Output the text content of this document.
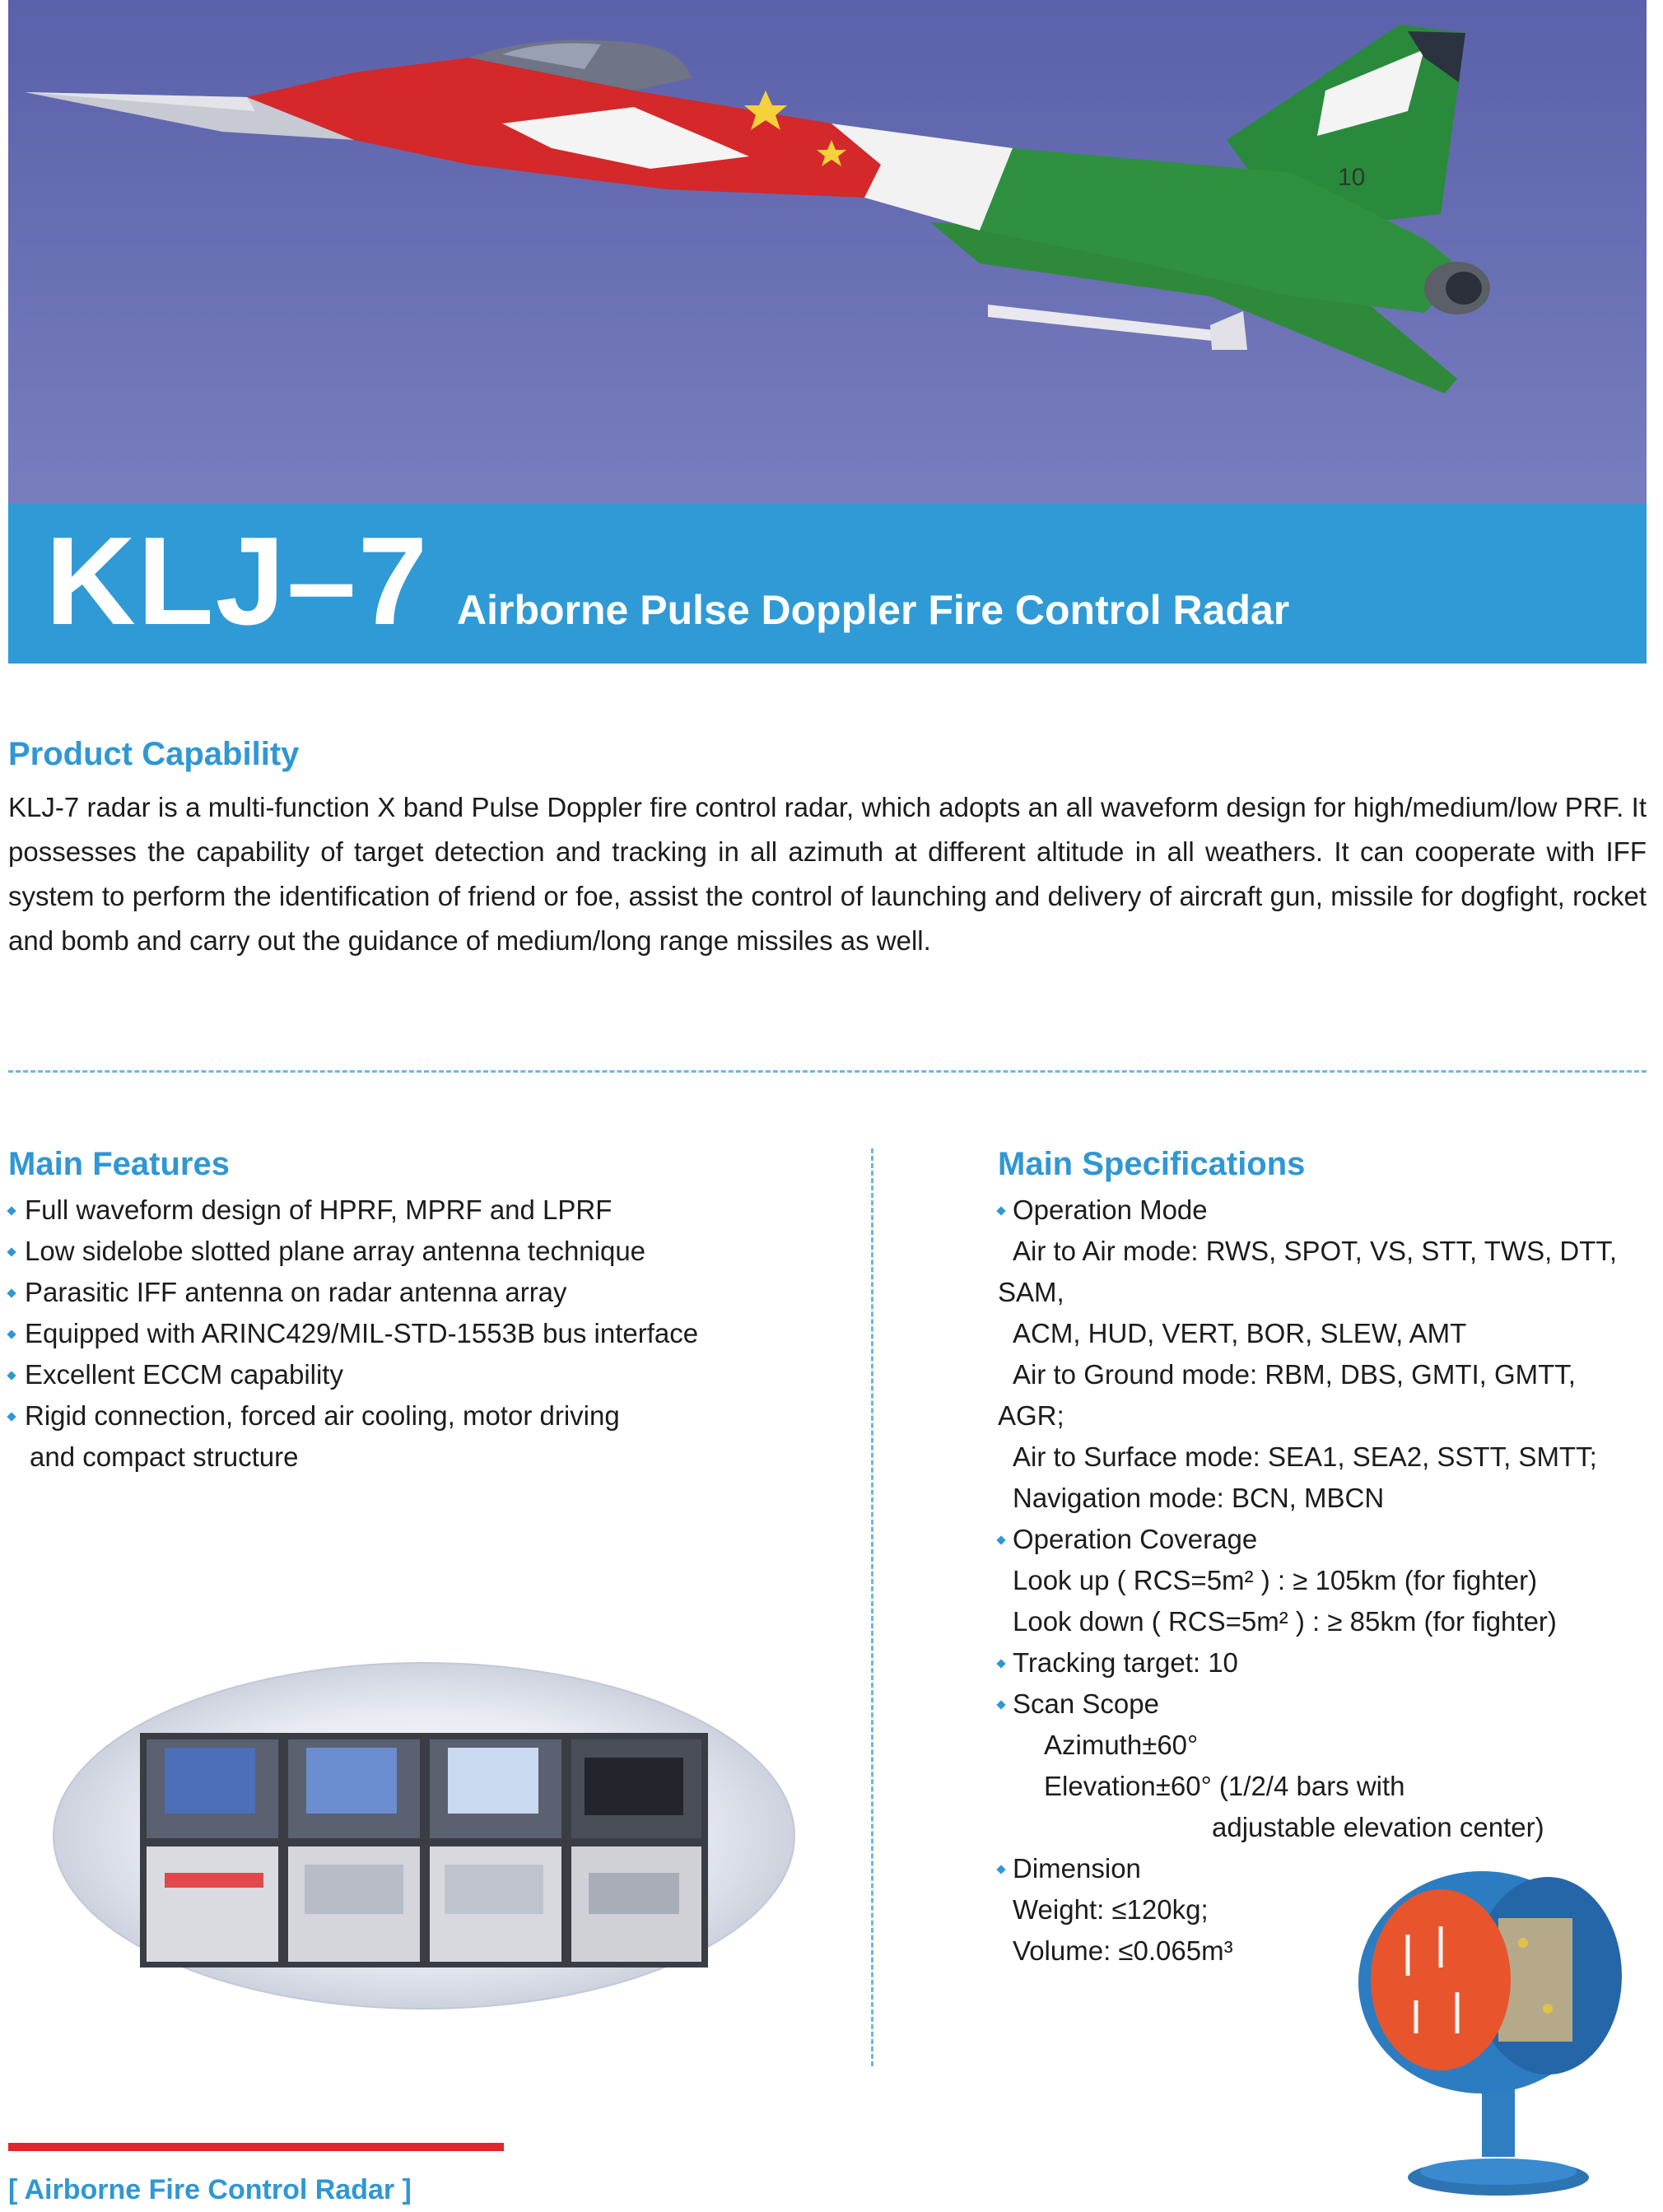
10
KLJ–7 Airborne Pulse Doppler Fire Control Radar
Product Capability
KLJ-7 radar is a multi-function X band Pulse Doppler fire control radar, which adopts an all waveform design for high/medium/low PRF. It possesses the capability of target detection and tracking in all azimuth at different altitude in all weathers. It can cooperate with IFF system to perform the identification of friend or foe, assist the control of launching and delivery of aircraft gun, missile for dogfight, rocket and bomb and carry out the guidance of medium/long range missiles as well.
Main Features
Full waveform design of HPRF, MPRF and LPRF
Low sidelobe slotted plane array antenna technique
Parasitic IFF antenna on radar antenna array
Equipped with ARINC429/MIL-STD-1553B bus interface
Excellent ECCM capability
Rigid connection, forced air cooling, motor driving
and compact structure
Main Specifications
Operation Mode
Air to Air mode: RWS, SPOT, VS, STT, TWS, DTT,
SAM,
ACM, HUD, VERT, BOR, SLEW, AMT
Air to Ground mode: RBM, DBS, GMTI, GMTT,
AGR;
Air to Surface mode: SEA1, SEA2, SSTT, SMTT;
Navigation mode: BCN, MBCN
Operation Coverage
Look up ( RCS=5m² ) : ≥ 105km (for fighter)
Look down ( RCS=5m² ) : ≥ 85km (for fighter)
Tracking target: 10
Scan Scope
Azimuth±60°
Elevation±60° (1/2/4 bars with
adjustable elevation center)
Dimension
Weight: ≤120kg;
Volume: ≤0.065m³
[ Airborne Fire Control Radar ]
